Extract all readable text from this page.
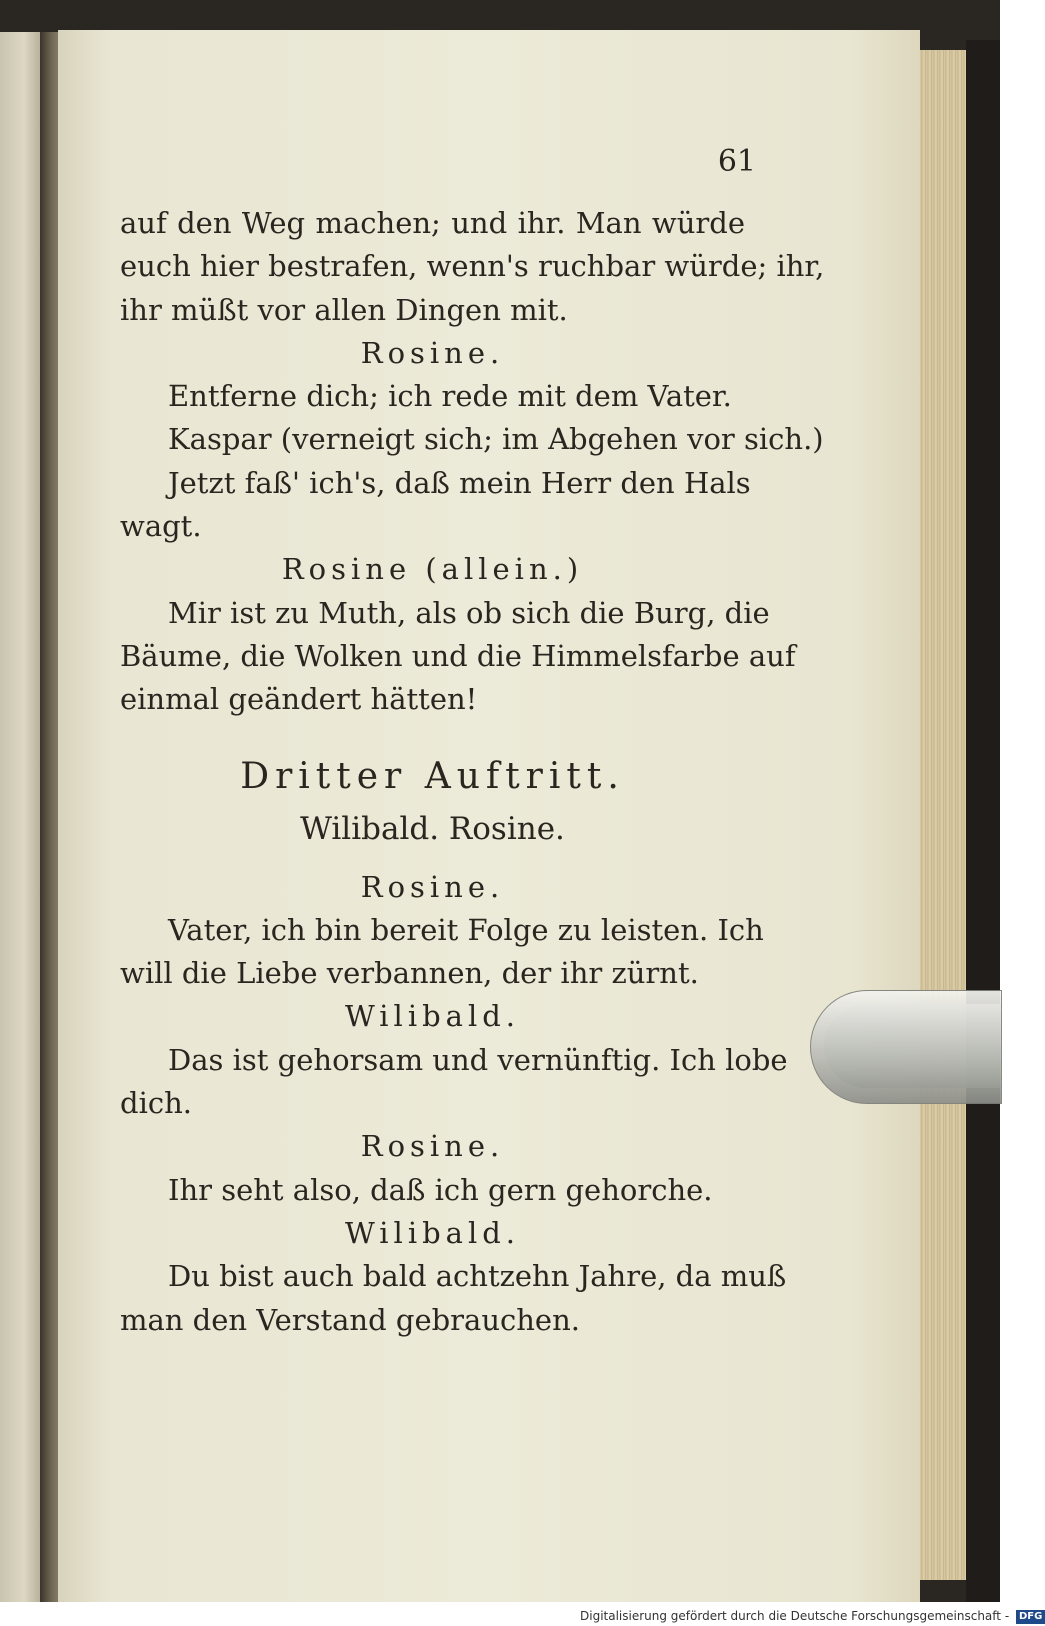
61
auf den Weg machen; und ihr. Man würde
euch hier bestrafen, wenn's ruchbar würde; ihr,
ihr müßt vor allen Dingen mit.
Rosine.
Entferne dich; ich rede mit dem Vater.
Kaspar (verneigt sich; im Abgehen vor sich.)
Jetzt faß' ich's, daß mein Herr den Hals
wagt.
Rosine (allein.)
Mir ist zu Muth, als ob sich die Burg, die
Bäume, die Wolken und die Himmelsfarbe auf
einmal geändert hätten!
Dritter Auftritt.
Wilibald. Rosine.
Rosine.
Vater, ich bin bereit Folge zu leisten. Ich
will die Liebe verbannen, der ihr zürnt.
Wilibald.
Das ist gehorsam und vernünftig. Ich lobe
dich.
Rosine.
Ihr seht also, daß ich gern gehorche.
Wilibald.
Du bist auch bald achtzehn Jahre, da muß
man den Verstand gebrauchen.
Digitalisierung gefördert durch die Deutsche Forschungsgemeinschaft - DFG
